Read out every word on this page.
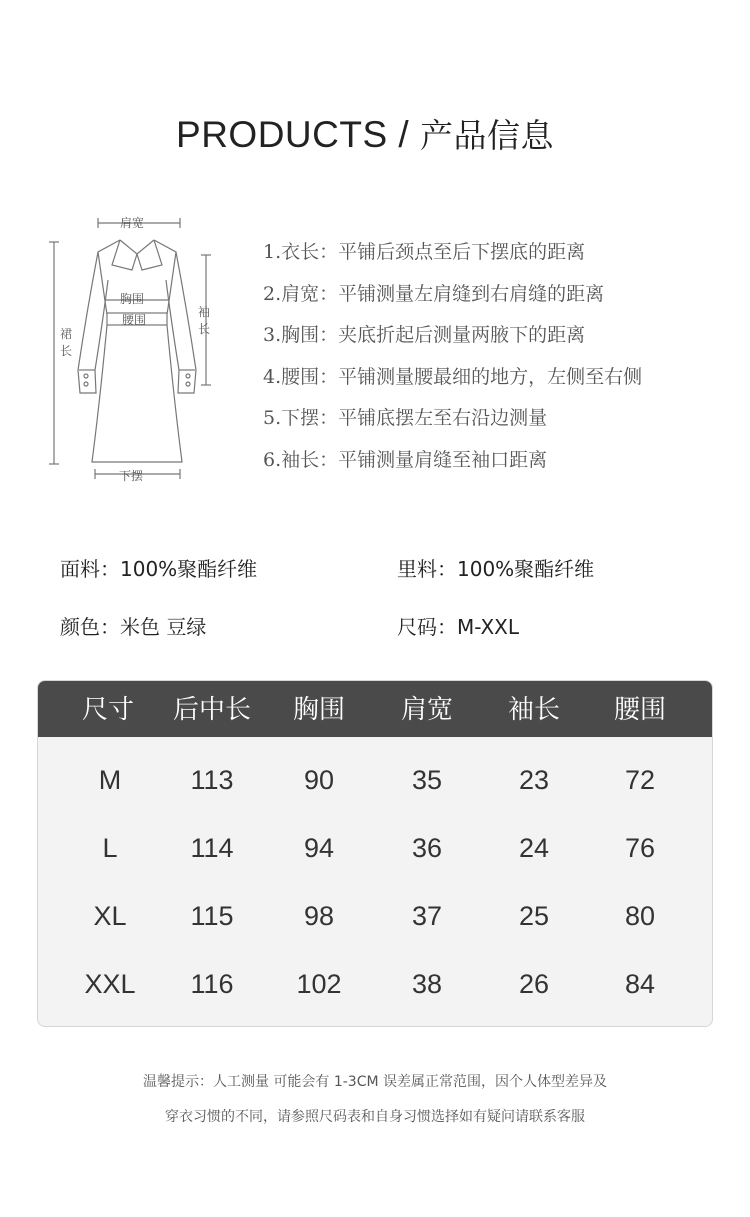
PRODUCTS / 产品信息
肩宽
胸围
腰围
下摆
裙
长
袖
长
1.衣长：平铺后颈点至后下摆底的距离
2.肩宽：平铺测量左肩缝到右肩缝的距离
3.胸围：夹底折起后测量两腋下的距离
4.腰围：平铺测量腰最细的地方，左侧至右侧
5.下摆：平铺底摆左至右沿边测量
6.袖长：平铺测量肩缝至袖口距离
面料：100%聚酯纤维	里料：100%聚酯纤维
颜色：米色 豆绿	尺码：M-XXL
尺寸	后中长	胸围	肩宽	袖长	腰围
M	113	90	35	23	72
L	114	94	36	24	76
XL	115	98	37	25	80
XXL	116	102	38	26	84
温馨提示：人工测量 可能会有 1-3CM 误差属正常范围，因个人体型差异及
穿衣习惯的不同，请参照尺码表和自身习惯选择如有疑问请联系客服
